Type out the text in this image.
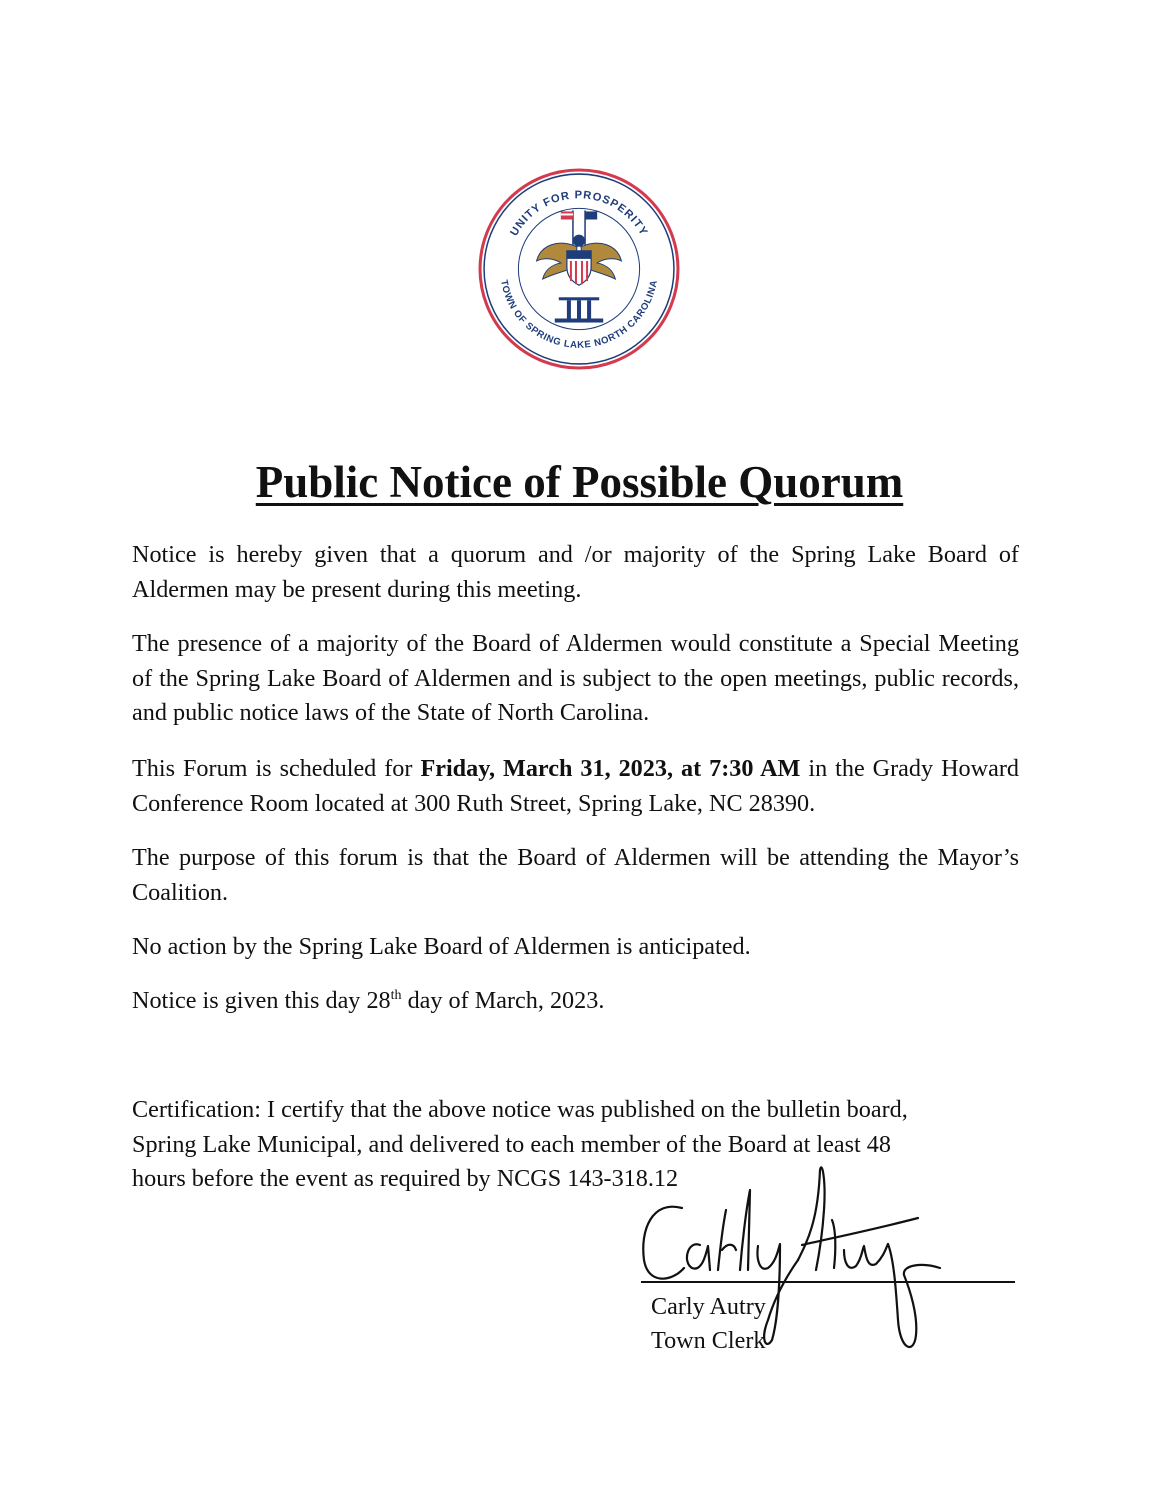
UNITY FOR PROSPERITY
TOWN OF SPRING LAKE NORTH CAROLINA
Public Notice of Possible Quorum

Notice is hereby given that a quorum and /or majority of the Spring Lake Board of Aldermen may be present during this meeting.

The presence of a majority of the Board of Aldermen would constitute a Special Meeting of the Spring Lake Board of Aldermen and is subject to the open meetings, public records, and public notice laws of the State of North Carolina.

This Forum is scheduled for Friday, March 31, 2023, at 7:30 AM in the Grady Howard Conference Room located at 300 Ruth Street, Spring Lake, NC 28390.

The purpose of this forum is that the Board of Aldermen will be attending the Mayor’s Coalition.

No action by the Spring Lake Board of Aldermen is anticipated.

Notice is given this day 28th day of March, 2023.

Certification: I certify that the above notice was published on the bulletin board,
Spring Lake Municipal, and delivered to each member of the Board at least 48
hours before the event as required by NCGS 143-318.12

Carly Autry

Town Clerk
